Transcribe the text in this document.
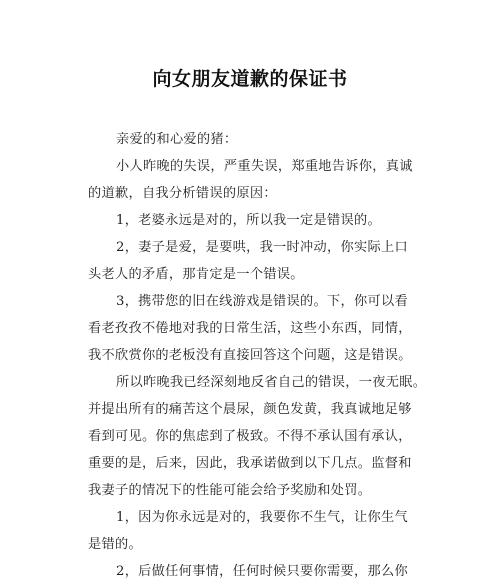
向女朋友道歉的保证书
亲爱的和心爱的猪：
小人昨晚的失误，严重失误，郑重地告诉你，真诚
的道歉，自我分析错误的原因：
1，老婆永远是对的，所以我一定是错误的。
2，妻子是爱，是要哄，我一时冲动，你实际上口
头老人的矛盾，那肯定是一个错误。
3，携带您的旧在线游戏是错误的。下，你可以看
看老孜孜不倦地对我的日常生活，这些小东西，同情，
我不欣赏你的老板没有直接回答这个问题，这是错误。
所以昨晚我已经深刻地反省自己的错误，一夜无眠。
并提出所有的痛苦这个晨尿，颜色发黄，我真诚地足够
看到可见。你的焦虑到了极致。不得不承认国有承认，
重要的是，后来，因此，我承诺做到以下几点。监督和
我妻子的情况下的性能可能会给予奖励和处罚。
1，因为你永远是对的，我要你不生气，让你生气
是错的。
2，后做任何事情，任何时候只要你需要，那么你
